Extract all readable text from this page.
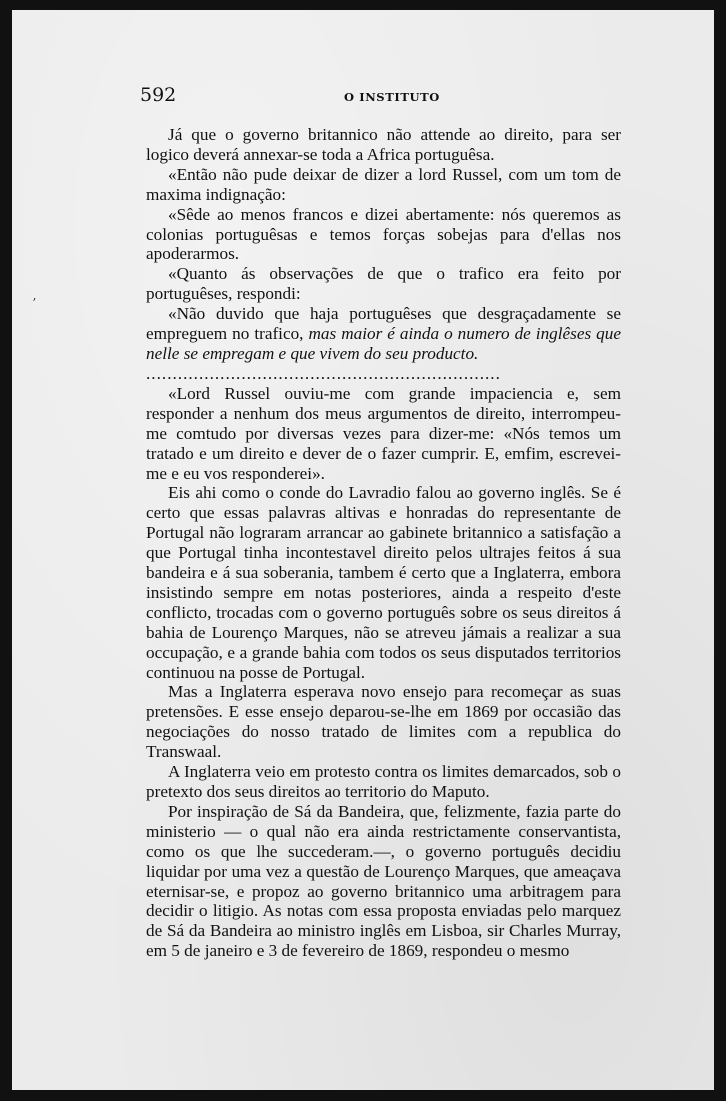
ʼ
592	O INSTITUTO

Já que o governo britannico não attende ao direito, para ser logico deverá annexar-se toda a Africa portuguêsa.

«Então não pude deixar de dizer a lord Russel, com um tom de maxima indignação:

«Sêde ao menos francos e dizei abertamente: nós queremos as colonias portuguêsas e temos forças sobejas para d'ellas nos apoderarmos.

«Quanto ás observações de que o trafico era feito por portuguêses, respondi:

«Não duvido que haja portuguêses que desgraçadamente se empreguem no trafico, mas maior é ainda o numero de inglêses que nelle se empregam e que vivem do seu producto.

...................................................................

«Lord Russel ouviu-me com grande impaciencia e, sem responder a nenhum dos meus argumentos de direito, interrompeu-me comtudo por diversas vezes para dizer-me: «Nós temos um tratado e um direito e dever de o fazer cumprir. E, emfim, escrevei-me e eu vos responderei».

Eis ahi como o conde do Lavradio falou ao governo inglês. Se é certo que essas palavras altivas e honradas do representante de Portugal não lograram arrancar ao gabinete britannico a satisfação a que Portugal tinha incontestavel direito pelos ultrajes feitos á sua bandeira e á sua soberania, tambem é certo que a Inglaterra, embora insistindo sempre em notas posteriores, ainda a respeito d'este conflicto, trocadas com o governo português sobre os seus direitos á bahia de Lourenço Marques, não se atreveu jámais a realizar a sua occupação, e a grande bahia com todos os seus disputados territorios continuou na posse de Portugal.

Mas a Inglaterra esperava novo ensejo para recomeçar as suas pretensões. E esse ensejo deparou-se-lhe em 1869 por occasião das negociações do nosso tratado de limites com a republica do Transwaal.

A Inglaterra veio em protesto contra os limites demarcados, sob o pretexto dos seus direitos ao territorio do Maputo.

Por inspiração de Sá da Bandeira, que, felizmente, fazia parte do ministerio — o qual não era ainda restrictamente conservantista, como os que lhe succederam.—, o governo português decidiu liquidar por uma vez a questão de Lourenço Marques, que ameaçava eternisar-se, e propoz ao governo britannico uma arbitragem para decidir o litigio. As notas com essa proposta enviadas pelo marquez de Sá da Bandeira ao ministro inglês em Lisboa, sir Charles Murray, em 5 de janeiro e 3 de fevereiro de 1869, respondeu o mesmo
